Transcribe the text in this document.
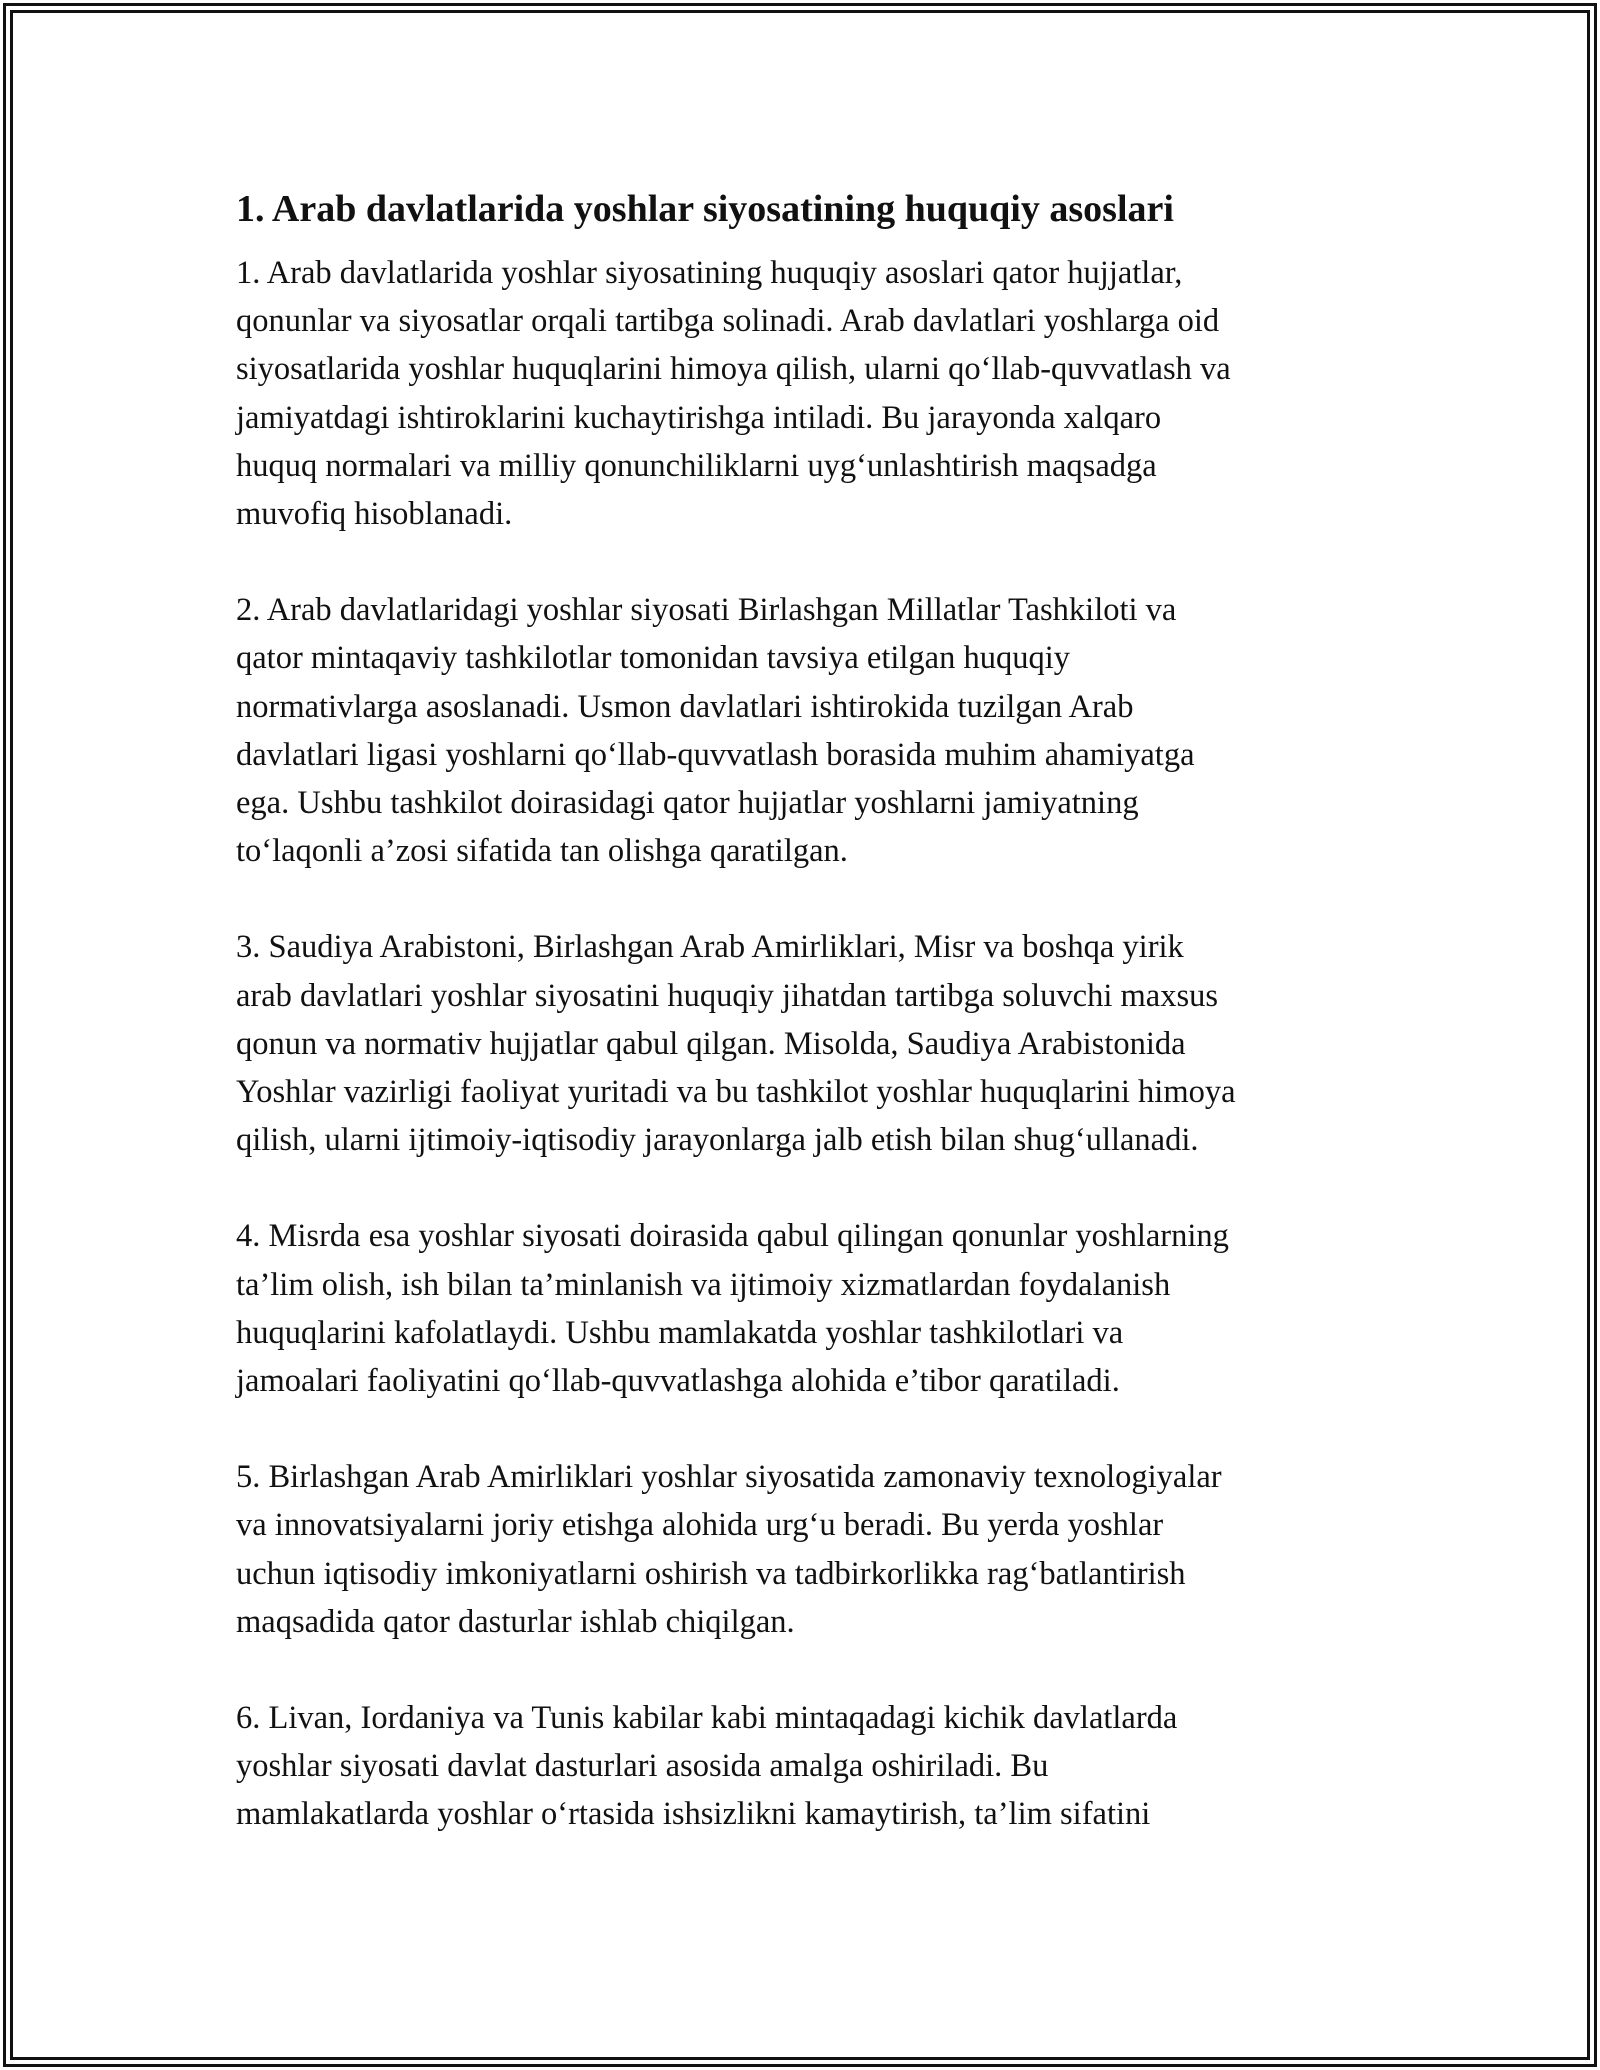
1. Arab davlatlarida yoshlar siyosatining huquqiy asoslari
1. Arab davlatlarida yoshlar siyosatining huquqiy asoslari qator hujjatlar,
qonunlar va siyosatlar orqali tartibga solinadi. Arab davlatlari yoshlarga oid
siyosatlarida yoshlar huquqlarini himoya qilish, ularni qo‘llab-quvvatlash va
jamiyatdagi ishtiroklarini kuchaytirishga intiladi. Bu jarayonda xalqaro
huquq normalari va milliy qonunchiliklarni uyg‘unlashtirish maqsadga
muvofiq hisoblanadi.
2. Arab davlatlaridagi yoshlar siyosati Birlashgan Millatlar Tashkiloti va
qator mintaqaviy tashkilotlar tomonidan tavsiya etilgan huquqiy
normativlarga asoslanadi. Usmon davlatlari ishtirokida tuzilgan Arab
davlatlari ligasi yoshlarni qo‘llab-quvvatlash borasida muhim ahamiyatga
ega. Ushbu tashkilot doirasidagi qator hujjatlar yoshlarni jamiyatning
to‘laqonli a’zosi sifatida tan olishga qaratilgan.
3. Saudiya Arabistoni, Birlashgan Arab Amirliklari, Misr va boshqa yirik
arab davlatlari yoshlar siyosatini huquqiy jihatdan tartibga soluvchi maxsus
qonun va normativ hujjatlar qabul qilgan. Misolda, Saudiya Arabistonida
Yoshlar vazirligi faoliyat yuritadi va bu tashkilot yoshlar huquqlarini himoya
qilish, ularni ijtimoiy-iqtisodiy jarayonlarga jalb etish bilan shug‘ullanadi.
4. Misrda esa yoshlar siyosati doirasida qabul qilingan qonunlar yoshlarning
ta’lim olish, ish bilan ta’minlanish va ijtimoiy xizmatlardan foydalanish
huquqlarini kafolatlaydi. Ushbu mamlakatda yoshlar tashkilotlari va
jamoalari faoliyatini qo‘llab-quvvatlashga alohida e’tibor qaratiladi.
5. Birlashgan Arab Amirliklari yoshlar siyosatida zamonaviy texnologiyalar
va innovatsiyalarni joriy etishga alohida urg‘u beradi. Bu yerda yoshlar
uchun iqtisodiy imkoniyatlarni oshirish va tadbirkorlikka rag‘batlantirish
maqsadida qator dasturlar ishlab chiqilgan.
6. Livan, Iordaniya va Tunis kabilar kabi mintaqadagi kichik davlatlarda
yoshlar siyosati davlat dasturlari asosida amalga oshiriladi. Bu
mamlakatlarda yoshlar o‘rtasida ishsizlikni kamaytirish, ta’lim sifatini
